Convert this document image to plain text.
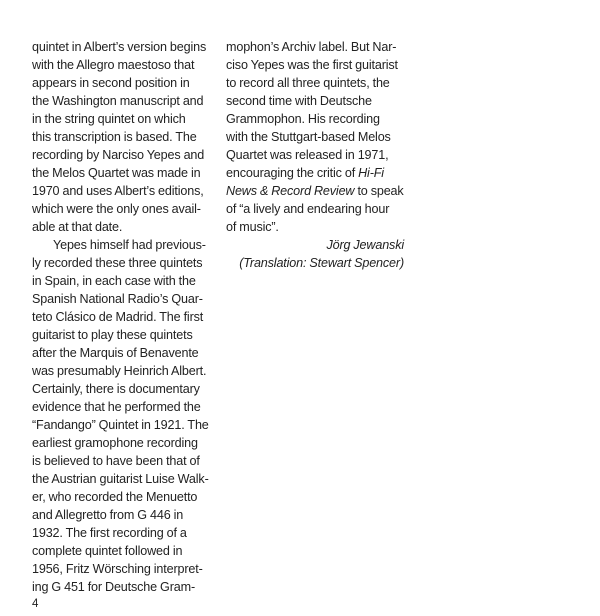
quintet in Albert’s version begins
with the Allegro maestoso that
appears in second position in
the Washington manuscript and
in the string quintet on which
this transcription is based. The
recording by Narciso Yepes and
the Melos Quartet was made in
1970 and uses Albert’s editions,
which were the only ones avail-
able at that date.
Yepes himself had previous-
ly recorded these three quintets
in Spain, in each case with the
Spanish National Radio’s Quar-
teto Clásico de Madrid. The first
guitarist to play these quintets
after the Marquis of Benavente
was presumably Heinrich Albert.
Certainly, there is documentary
evidence that he performed the
“Fandango” Quintet in 1921. The
earliest gramophone recording
is believed to have been that of
the Austrian guitarist Luise Walk-
er, who recorded the Menuetto
and Allegretto from G 446 in
1932. The first recording of a
complete quintet followed in
1956, Fritz Wörsching interpret-
ing G 451 for Deutsche Gram-
mophon’s Archiv label. But Nar-
ciso Yepes was the first guitarist
to record all three quintets, the
second time with Deutsche
Grammophon. His recording
with the Stuttgart-based Melos
Quartet was released in 1971,
encouraging the critic of Hi-Fi
News & Record Review to speak
of “a lively and endearing hour
of music”.
Jörg Jewanski
(Translation: Stewart Spencer)
4
